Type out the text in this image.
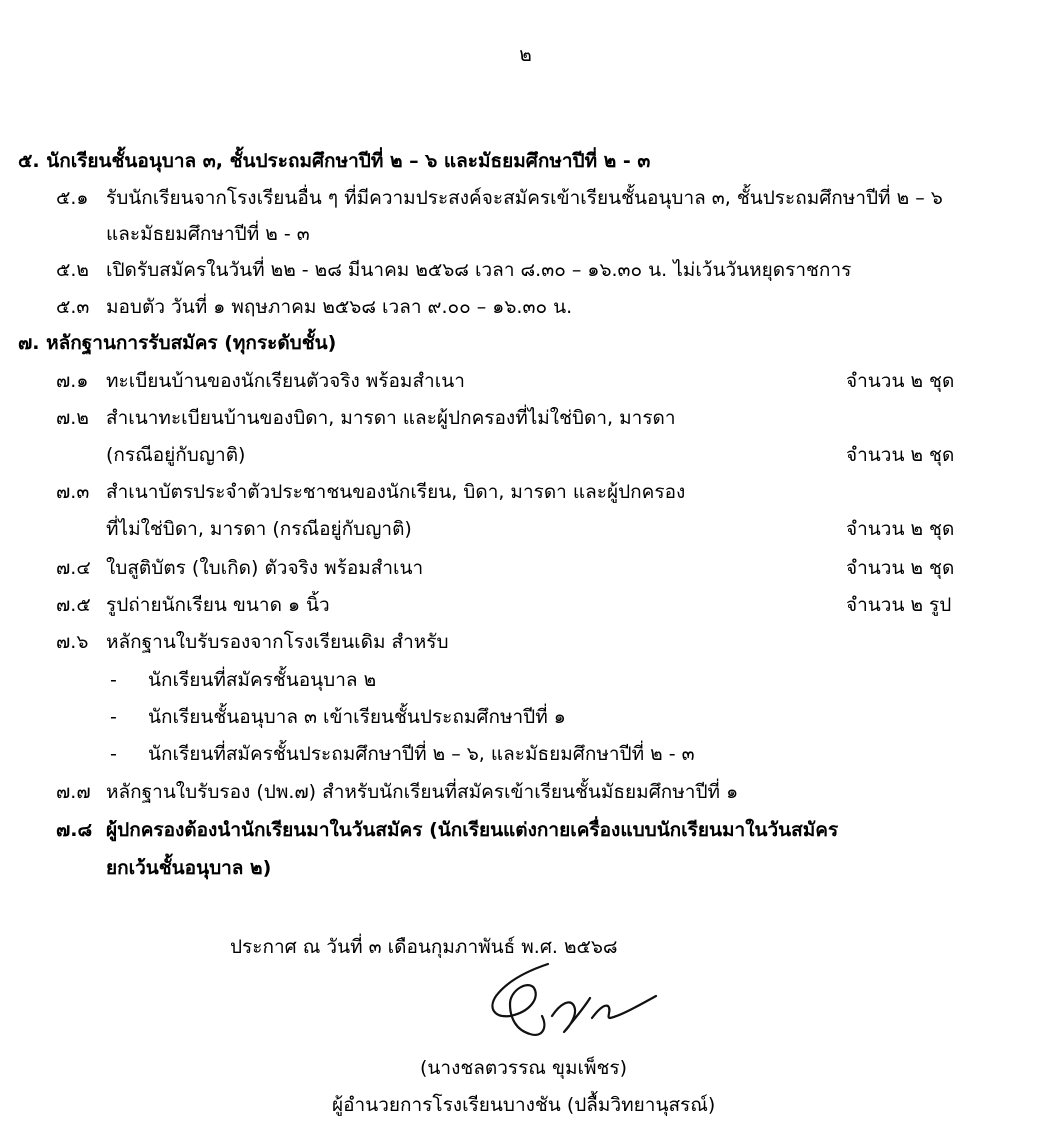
๒
๕. นักเรียนชั้นอนุบาล ๓, ชั้นประถมศึกษาปีที่ ๒ – ๖ และมัธยมศึกษาปีที่ ๒ - ๓
๕.๑ รับนักเรียนจากโรงเรียนอื่น ๆ ที่มีความประสงค์จะสมัครเข้าเรียนชั้นอนุบาล ๓, ชั้นประถมศึกษาปีที่ ๒ – ๖
และมัธยมศึกษาปีที่ ๒ - ๓
๕.๒ เปิดรับสมัครในวันที่ ๒๒ - ๒๘ มีนาคม ๒๕๖๘ เวลา ๘.๓๐ – ๑๖.๓๐ น. ไม่เว้นวันหยุดราชการ
๕.๓ มอบตัว วันที่ ๑ พฤษภาคม ๒๕๖๘ เวลา ๙.๐๐ – ๑๖.๓๐ น.
๗. หลักฐานการรับสมัคร (ทุกระดับชั้น)
๗.๑ ทะเบียนบ้านของนักเรียนตัวจริง พร้อมสำเนา	จำนวน ๒ ชุด
๗.๒ สำเนาทะเบียนบ้านของบิดา, มารดา และผู้ปกครองที่ไม่ใช่บิดา, มารดา
(กรณีอยู่กับญาติ)	จำนวน ๒ ชุด
๗.๓ สำเนาบัตรประจำตัวประชาชนของนักเรียน, บิดา, มารดา และผู้ปกครอง
ที่ไม่ใช่บิดา, มารดา (กรณีอยู่กับญาติ)	จำนวน ๒ ชุด
๗.๔ ใบสูติบัตร (ใบเกิด) ตัวจริง พร้อมสำเนา	จำนวน ๒ ชุด
๗.๕ รูปถ่ายนักเรียน ขนาด ๑ นิ้ว	จำนวน ๒ รูป
๗.๖ หลักฐานใบรับรองจากโรงเรียนเดิม สำหรับ
- นักเรียนที่สมัครชั้นอนุบาล ๒
- นักเรียนชั้นอนุบาล ๓ เข้าเรียนชั้นประถมศึกษาปีที่ ๑
- นักเรียนที่สมัครชั้นประถมศึกษาปีที่ ๒ – ๖, และมัธยมศึกษาปีที่ ๒ - ๓
๗.๗ หลักฐานใบรับรอง (ปพ.๗) สำหรับนักเรียนที่สมัครเข้าเรียนชั้นมัธยมศึกษาปีที่ ๑
๗.๘ ผู้ปกครองต้องนำนักเรียนมาในวันสมัคร (นักเรียนแต่งกายเครื่องแบบนักเรียนมาในวันสมัคร
ยกเว้นชั้นอนุบาล ๒)
ประกาศ ณ วันที่ ๓ เดือนกุมภาพันธ์ พ.ศ. ๒๕๖๘
(นางชลตวรรณ ขุมเพ็ชร)
ผู้อำนวยการโรงเรียนบางชัน (ปลื้มวิทยานุสรณ์)
